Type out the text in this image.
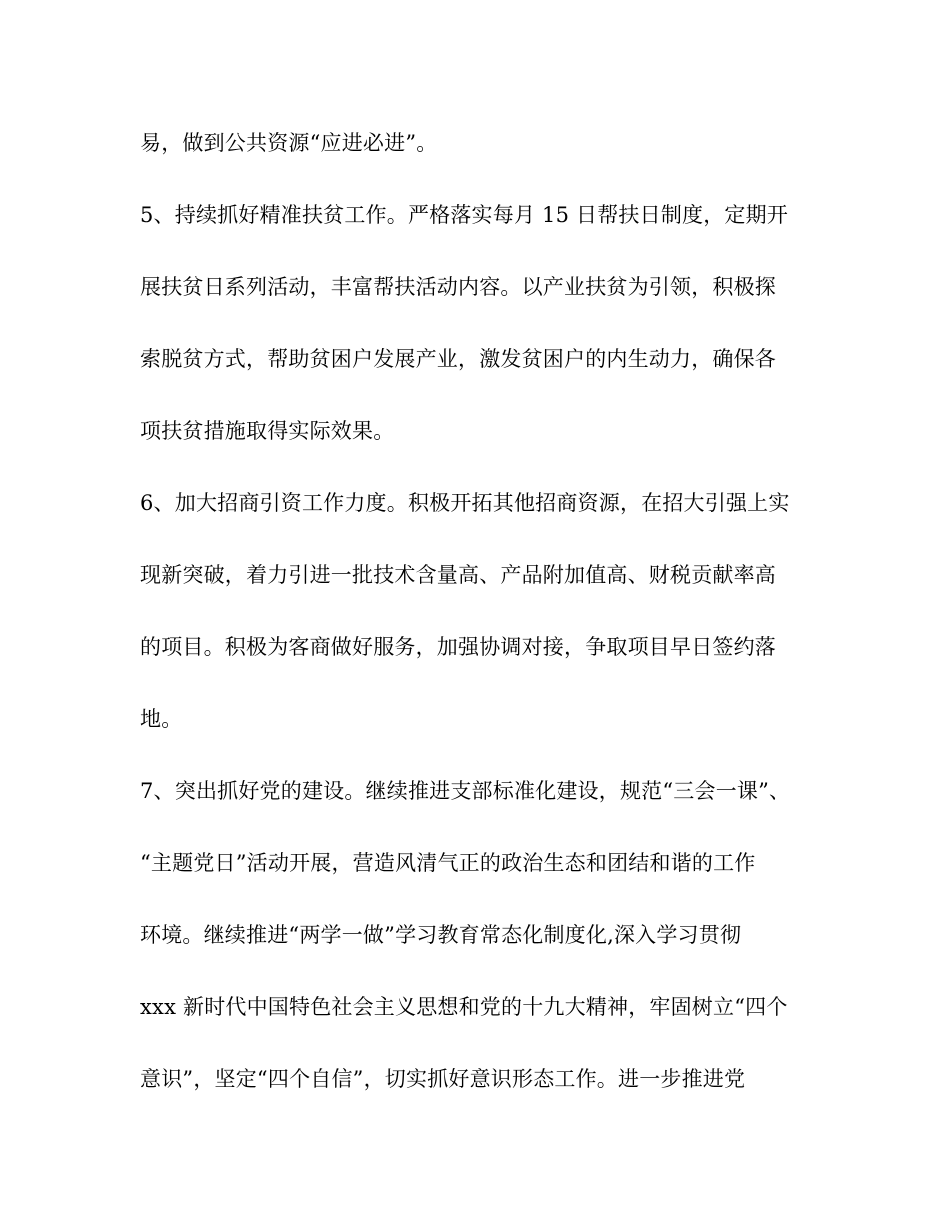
易，做到公共资源“应进必进”。
5、持续抓好精准扶贫工作。严格落实每月 15 日帮扶日制度，定期开
展扶贫日系列活动，丰富帮扶活动内容。以产业扶贫为引领，积极探
索脱贫方式，帮助贫困户发展产业，激发贫困户的内生动力，确保各
项扶贫措施取得实际效果。
6、加大招商引资工作力度。积极开拓其他招商资源，在招大引强上实
现新突破，着力引进一批技术含量高、产品附加值高、财税贡献率高
的项目。积极为客商做好服务，加强协调对接，争取项目早日签约落
地。
7、突出抓好党的建设。继续推进支部标准化建设，规范“三会一课”、
“主题党日”活动开展，营造风清气正的政治生态和团结和谐的工作
环境。继续推进“两学一做”学习教育常态化制度化,深入学习贯彻
xxx 新时代中国特色社会主义思想和党的十九大精神，牢固树立“四个
意识”，坚定“四个自信”，切实抓好意识形态工作。进一步推进党
